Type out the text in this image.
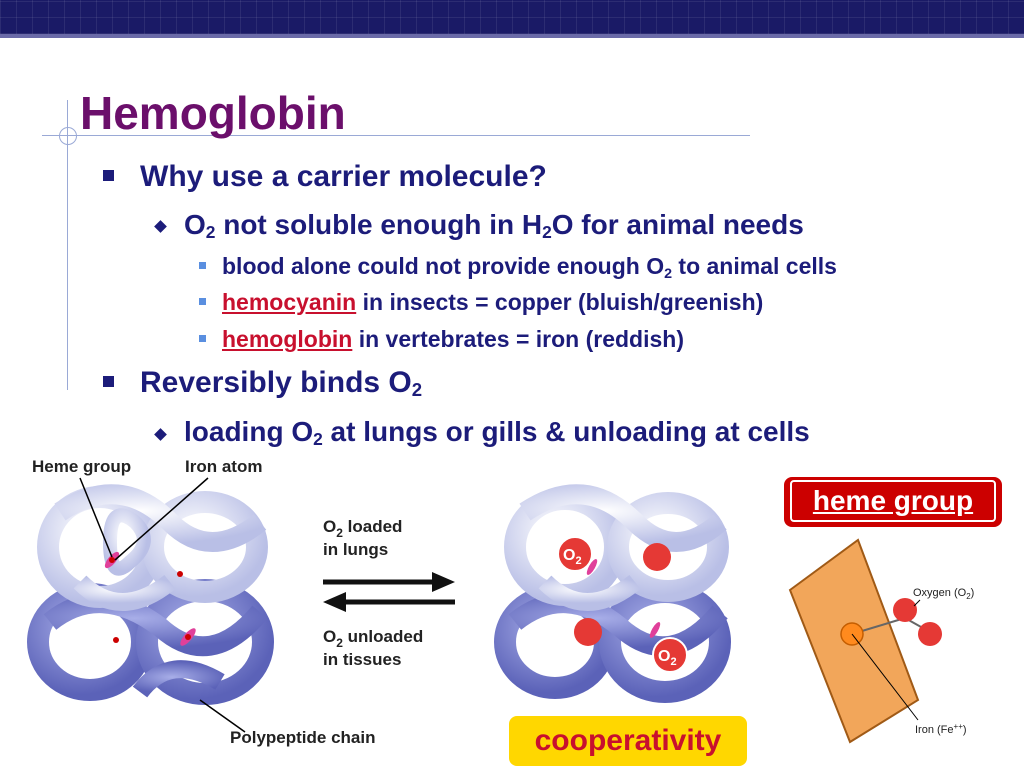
Hemoglobin
Why use a carrier molecule?
$O_2$ not soluble enough in $H_2O$ for animal needs
blood alone could not provide enough $O_2$ to animal cells
hemocyanin in insects = copper (bluish/greenish)
hemoglobin in vertebrates = iron (reddish)
Reversibly binds $O_2$
loading $O_2$ at lungs or gills & unloading at cells
Heme group	Iron atom
Polypeptide chain
$O_2$ loaded
in lungs
$O_2$ unloaded
in tissues
$O_2$
$O_2$
Oxygen $(O_2)$
Iron (Fe++)
heme group
cooperativity
